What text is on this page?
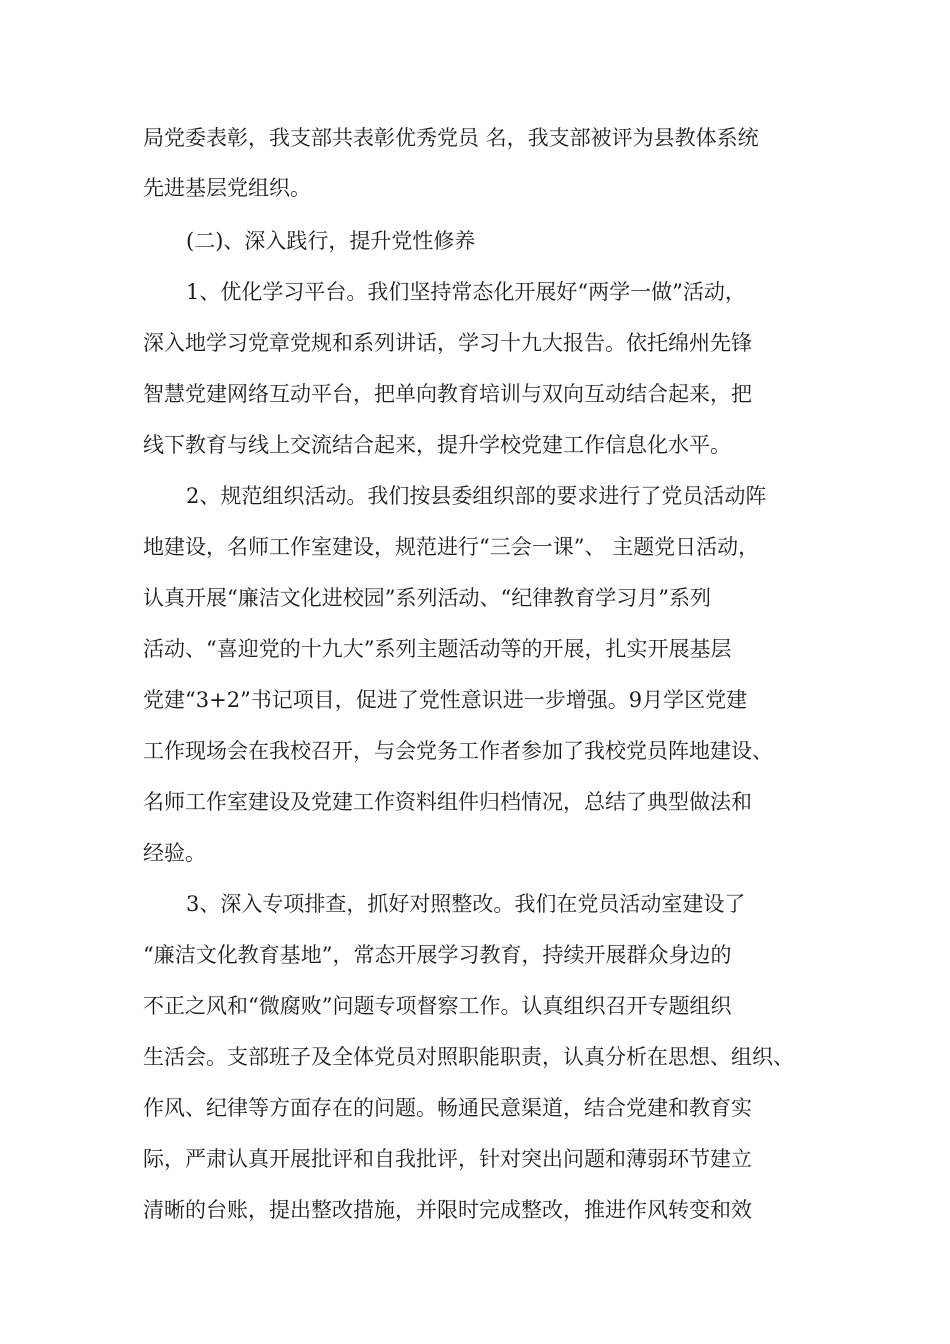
局党委表彰，我支部共表彰优秀党员 名，我支部被评为县教体系统
先进基层党组织。
(二)、深入践行，提升党性修养
1、优化学习平台。我们坚持常态化开展好“两学一做”活动，
深入地学习党章党规和系列讲话，学习十九大报告。依托绵州先锋
智慧党建网络互动平台，把单向教育培训与双向互动结合起来，把
线下教育与线上交流结合起来，提升学校党建工作信息化水平。
2、规范组织活动。我们按县委组织部的要求进行了党员活动阵
地建设，名师工作室建设，规范进行“三会一课”、 主题党日活动，
认真开展“廉洁文化进校园”系列活动、“纪律教育学习月”系列
活动、“喜迎党的十九大”系列主题活动等的开展，扎实开展基层
党建“3+2”书记项目，促进了党性意识进一步增强。9月学区党建
工作现场会在我校召开，与会党务工作者参加了我校党员阵地建设、
名师工作室建设及党建工作资料组件归档情况，总结了典型做法和
经验。
3、深入专项排查，抓好对照整改。我们在党员活动室建设了
“廉洁文化教育基地”，常态开展学习教育，持续开展群众身边的
不正之风和“微腐败”问题专项督察工作。认真组织召开专题组织
生活会。支部班子及全体党员对照职能职责，认真分析在思想、组织、
作风、纪律等方面存在的问题。畅通民意渠道，结合党建和教育实
际，严肃认真开展批评和自我批评，针对突出问题和薄弱环节建立
清晰的台账，提出整改措施，并限时完成整改，推进作风转变和效
